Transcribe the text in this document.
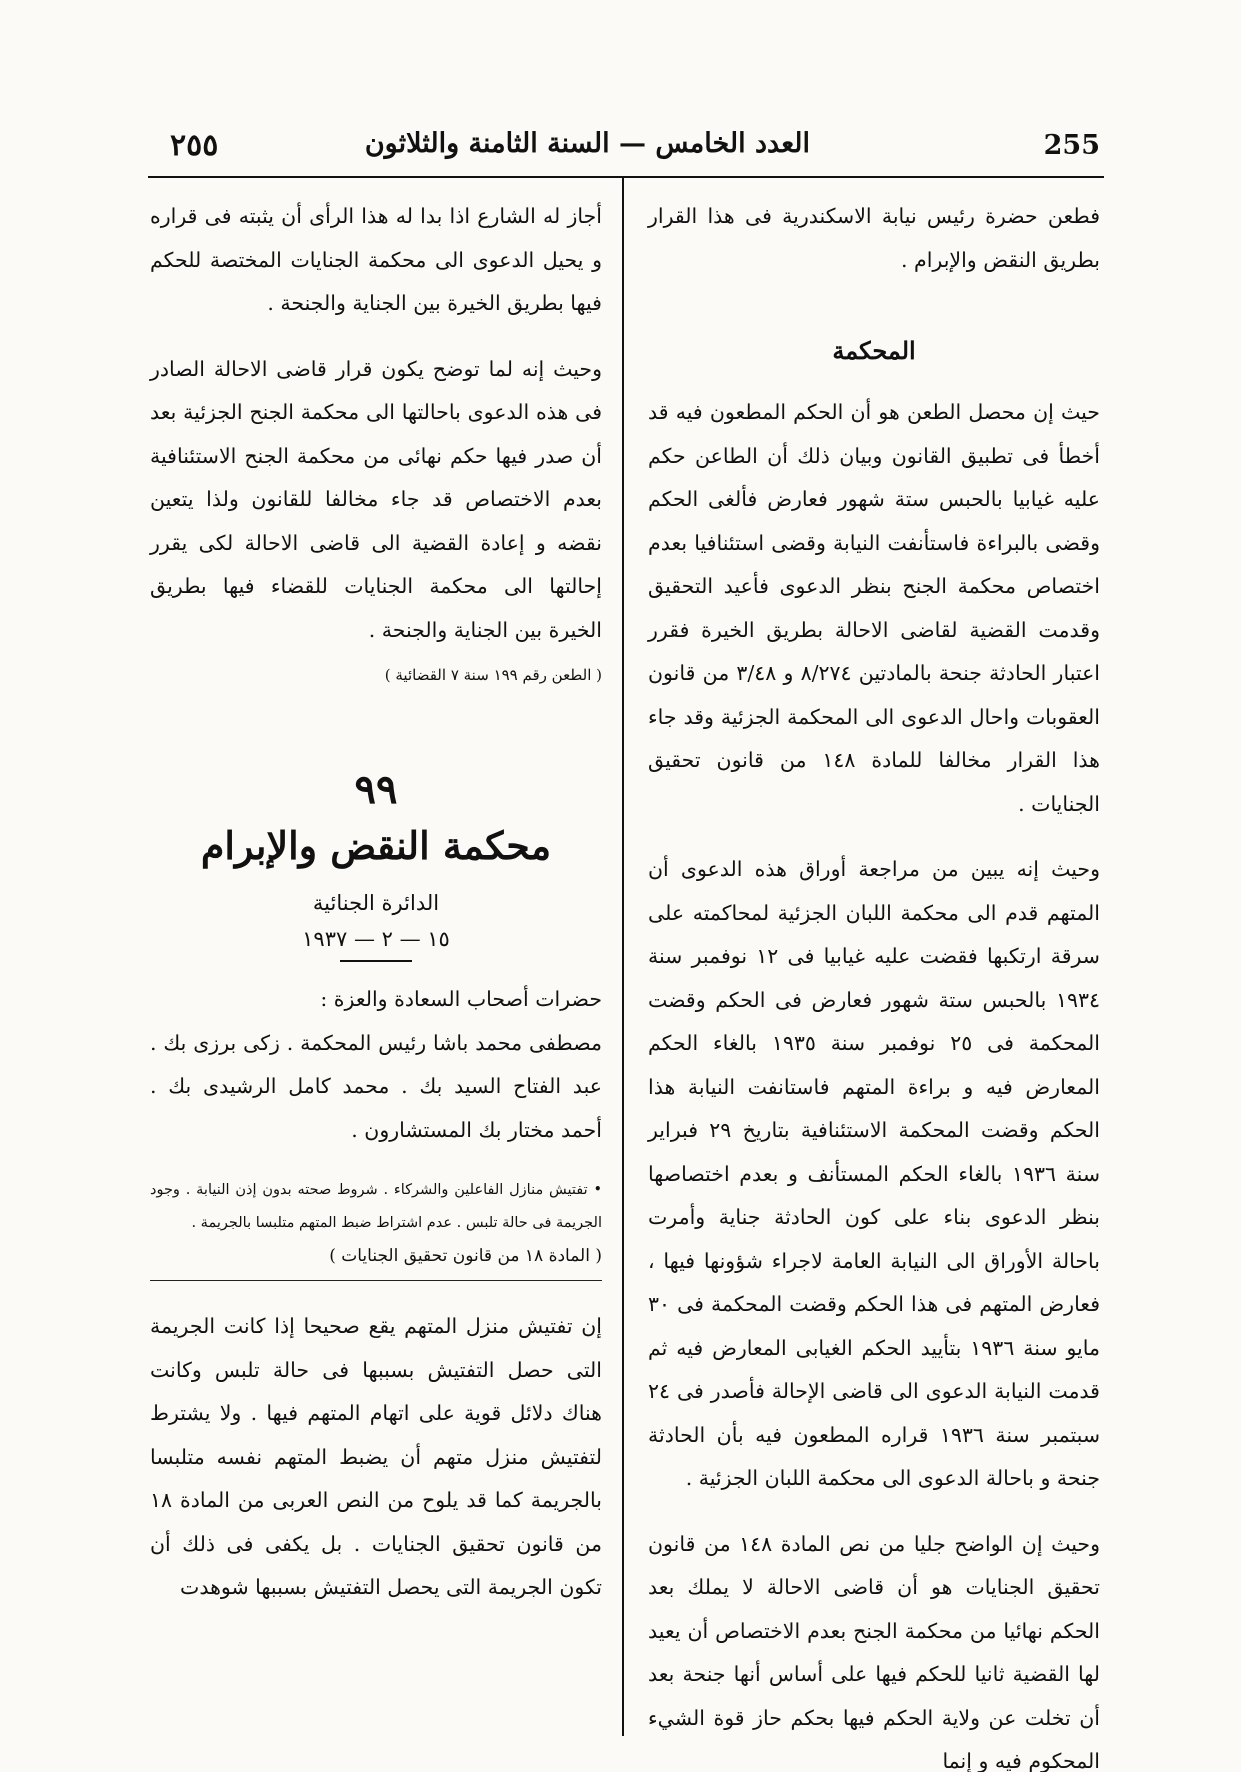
٢٥٥	العدد الخامس — السنة الثامنة والثلاثون	255

فطعن حضرة رئيس نيابة الاسكندرية فى هذا القرار بطريق النقض والإبرام .

المحكمة

حيث إن محصل الطعن هو أن الحكم المطعون فيه قد أخطأ فى تطبيق القانون وبيان ذلك أن الطاعن حكم عليه غيابيا بالحبس ستة شهور فعارض فألغى الحكم وقضى بالبراءة فاستأنفت النيابة وقضى استئنافيا بعدم اختصاص محكمة الجنح بنظر الدعوى فأعيد التحقيق وقدمت القضية لقاضى الاحالة بطريق الخيرة فقرر اعتبار الحادثة جنحة بالمادتين ٨/٢٧٤ و ٣/٤٨ من قانون العقوبات واحال الدعوى الى المحكمة الجزئية وقد جاء هذا القرار مخالفا للمادة ١٤٨ من قانون تحقيق الجنايات .

وحيث إنه يبين من مراجعة أوراق هذه الدعوى أن المتهم قدم الى محكمة اللبان الجزئية لمحاكمته على سرقة ارتكبها فقضت عليه غيابيا فى ١٢ نوفمبر سنة ١٩٣٤ بالحبس ستة شهور فعارض فى الحكم وقضت المحكمة فى ٢٥ نوفمبر سنة ١٩٣٥ بالغاء الحكم المعارض فيه و براءة المتهم فاستانفت النيابة هذا الحكم وقضت المحكمة الاستئنافية بتاريخ ٢٩ فبراير سنة ١٩٣٦ بالغاء الحكم المستأنف و بعدم اختصاصها بنظر الدعوى بناء على كون الحادثة جناية وأمرت باحالة الأوراق الى النيابة العامة لاجراء شؤونها فيها ، فعارض المتهم فى هذا الحكم وقضت المحكمة فى ٣٠ مايو سنة ١٩٣٦ بتأييد الحكم الغيابى المعارض فيه ثم قدمت النيابة الدعوى الى قاضى الإحالة فأصدر فى ٢٤ سبتمبر سنة ١٩٣٦ قراره المطعون فيه بأن الحادثة جنحة و باحالة الدعوى الى محكمة اللبان الجزئية .

وحيث إن الواضح جليا من نص المادة ١٤٨ من قانون تحقيق الجنايات هو أن قاضى الاحالة لا يملك بعد الحكم نهائيا من محكمة الجنح بعدم الاختصاص أن يعيد لها القضية ثانيا للحكم فيها على أساس أنها جنحة بعد أن تخلت عن ولاية الحكم فيها بحكم حاز قوة الشيء المحكوم فيه و إنما

أجاز له الشارع اذا بدا له هذا الرأى أن يثبته فى قراره و يحيل الدعوى الى محكمة الجنايات المختصة للحكم فيها بطريق الخيرة بين الجناية والجنحة .

وحيث إنه لما توضح يكون قرار قاضى الاحالة الصادر فى هذه الدعوى باحالتها الى محكمة الجنح الجزئية بعد أن صدر فيها حكم نهائى من محكمة الجنح الاستئنافية بعدم الاختصاص قد جاء مخالفا للقانون ولذا يتعين نقضه و إعادة القضية الى قاضى الاحالة لكى يقرر إحالتها الى محكمة الجنايات للقضاء فيها بطريق الخيرة بين الجناية والجنحة .

( الطعن رقم ١٩٩ سنة ٧ القضائية )
٩٩
محكمة النقض والإبرام
الدائرة الجنائية
١٥ — ٢ — ١٩٣٧

حضرات أصحاب السعادة والعزة :

مصطفى محمد باشا رئيس المحكمة . زكى برزى بك . عبد الفتاح السيد بك . محمد كامل الرشيدى بك . أحمد مختار بك المستشارون .

• تفتيش منازل الفاعلين والشركاء . شروط صحته بدون إذن النيابة . وجود الجريمة فى حالة تلبس . عدم اشتراط ضبط المتهم متلبسا بالجريمة .

( المادة ١٨ من قانون تحقيق الجنايات )

إن تفتيش منزل المتهم يقع صحيحا إذا كانت الجريمة التى حصل التفتيش بسببها فى حالة تلبس وكانت هناك دلائل قوية على اتهام المتهم فيها . ولا يشترط لتفتيش منزل متهم أن يضبط المتهم نفسه متلبسا بالجريمة كما قد يلوح من النص العربى من المادة ١٨ من قانون تحقيق الجنايات . بل يكفى فى ذلك أن تكون الجريمة التى يحصل التفتيش بسببها شوهدت
